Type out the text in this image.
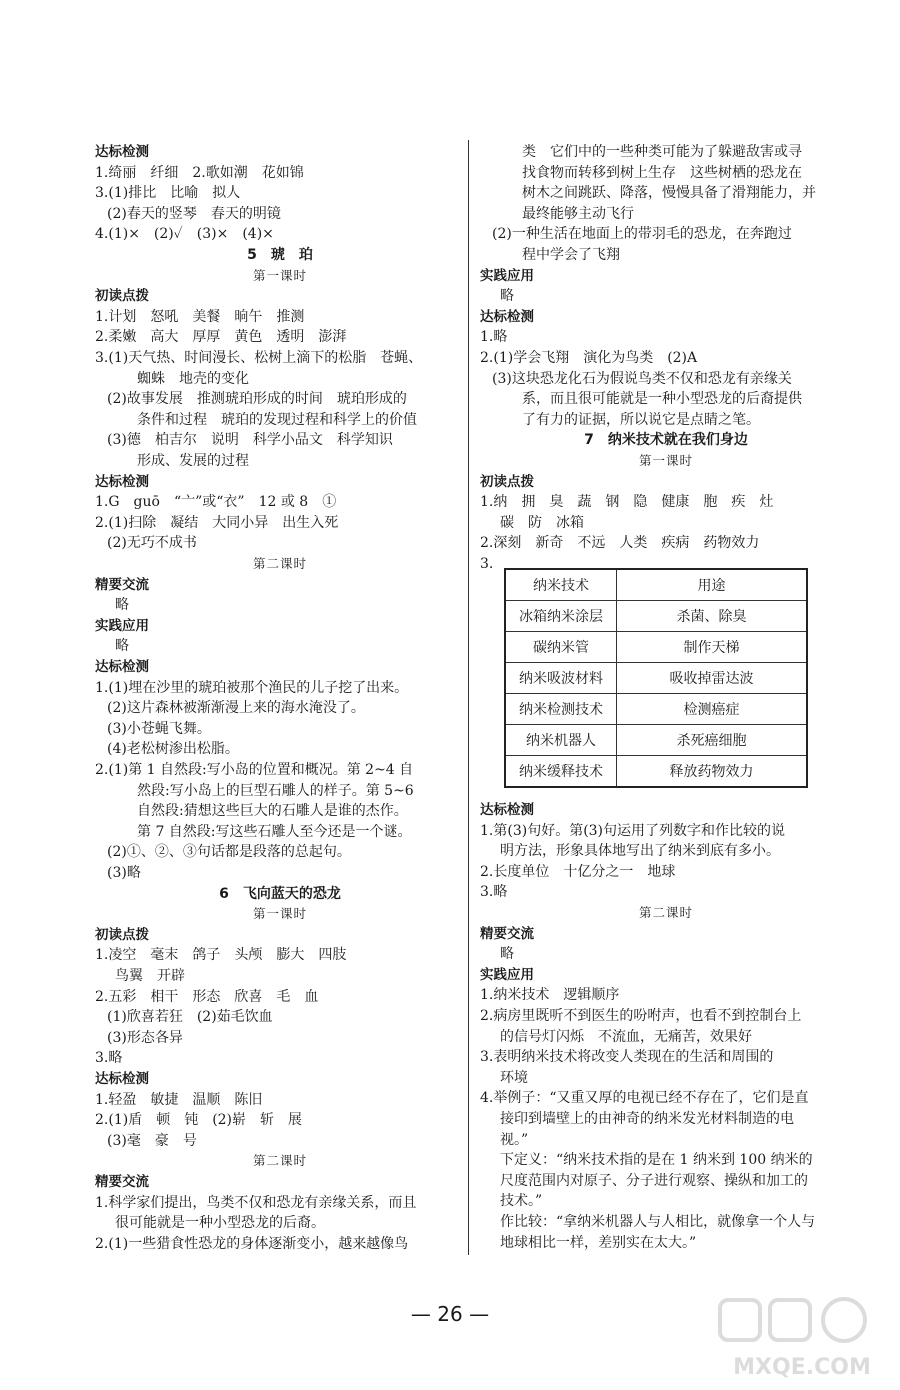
达标检测
1.绮丽　纤细　2.歌如潮　花如锦
3.(1)排比　比喻　拟人
(2)春天的竖琴　春天的明镜
4.(1)×　(2)✓　(3)×　(4)×
5　琥　珀
第一课时
初读点拨
1.计划　怒吼　美餐　晌午　推测
2.柔嫩　高大　厚厚　黄色　透明　澎湃
3.(1)天气热、时间漫长、松树上滴下的松脂　苍蝇、
蜘蛛　地壳的变化
(2)故事发展　推测琥珀形成的时间　琥珀形成的
条件和过程　琥珀的发现过程和科学上的价值
(3)德　柏吉尔　说明　科学小品文　科学知识
形成、发展的过程
达标检测
1.G　guō　“亠”或“衣”　12 或 8　①
2.(1)扫除　凝结　大同小异　出生入死
(2)无巧不成书
第二课时
精要交流
略
实践应用
略
达标检测
1.(1)埋在沙里的琥珀被那个渔民的儿子挖了出来。
(2)这片森林被渐渐漫上来的海水淹没了。
(3)小苍蝇飞舞。
(4)老松树渗出松脂。
2.(1)第 1 自然段:写小岛的位置和概况。第 2~4 自
然段:写小岛上的巨型石雕人的样子。第 5~6
自然段:猜想这些巨大的石雕人是谁的杰作。
第 7 自然段:写这些石雕人至今还是一个谜。
(2)①、②、③句话都是段落的总起句。
(3)略
6　飞向蓝天的恐龙
第一课时
初读点拨
1.凌空　毫末　鸽子　头颅　膨大　四肢
鸟翼　开辟
2.五彩　相干　形态　欣喜　毛　血
(1)欣喜若狂　(2)茹毛饮血
(3)形态各异
3.略
达标检测
1.轻盈　敏捷　温顺　陈旧
2.(1)盾　顿　钝　(2)崭　斩　展
(3)毫　豪　号
第二课时
精要交流
1.科学家们提出，鸟类不仅和恐龙有亲缘关系，而且
很可能就是一种小型恐龙的后裔。
2.(1)一些猎食性恐龙的身体逐渐变小，越来越像鸟
类　它们中的一些种类可能为了躲避敌害或寻
找食物而转移到树上生存　这些树栖的恐龙在
树木之间跳跃、降落，慢慢具备了滑翔能力，并
最终能够主动飞行
(2)一种生活在地面上的带羽毛的恐龙，在奔跑过
程中学会了飞翔
实践应用
略
达标检测
1.略
2.(1)学会飞翔　演化为鸟类　(2)A
(3)这块恐龙化石为假说鸟类不仅和恐龙有亲缘关
系，而且很可能就是一种小型恐龙的后裔提供
了有力的证据，所以说它是点睛之笔。
7　纳米技术就在我们身边
第一课时
初读点拨
1.纳　拥　臭　蔬　钢　隐　健康　胞　疾　灶
碳　防　冰箱
2.深刻　新奇　不远　人类　疾病　药物效力
3.
纳米技术	用途
冰箱纳米涂层	杀菌、除臭
碳纳米管	制作天梯
纳米吸波材料	吸收掉雷达波
纳米检测技术	检测癌症
纳米机器人	杀死癌细胞
纳米缓释技术	释放药物效力
达标检测
1.第(3)句好。第(3)句运用了列数字和作比较的说
明方法，形象具体地写出了纳米到底有多小。
2.长度单位　十亿分之一　地球
3.略
第二课时
精要交流
略
实践应用
1.纳米技术　逻辑顺序
2.病房里既听不到医生的吩咐声，也看不到控制台上
的信号灯闪烁　不流血，无痛苦，效果好
3.表明纳米技术将改变人类现在的生活和周围的
环境
4.举例子：“又重又厚的电视已经不存在了，它们是直
接印到墙壁上的由神奇的纳米发光材料制造的电
视。”
下定义：“纳米技术指的是在 1 纳米到 100 纳米的
尺度范围内对原子、分子进行观察、操纵和加工的
技术。”
作比较：“拿纳米机器人与人相比，就像拿一个人与
地球相比一样，差别实在太大。”
— 26 —
MXQE.COM
